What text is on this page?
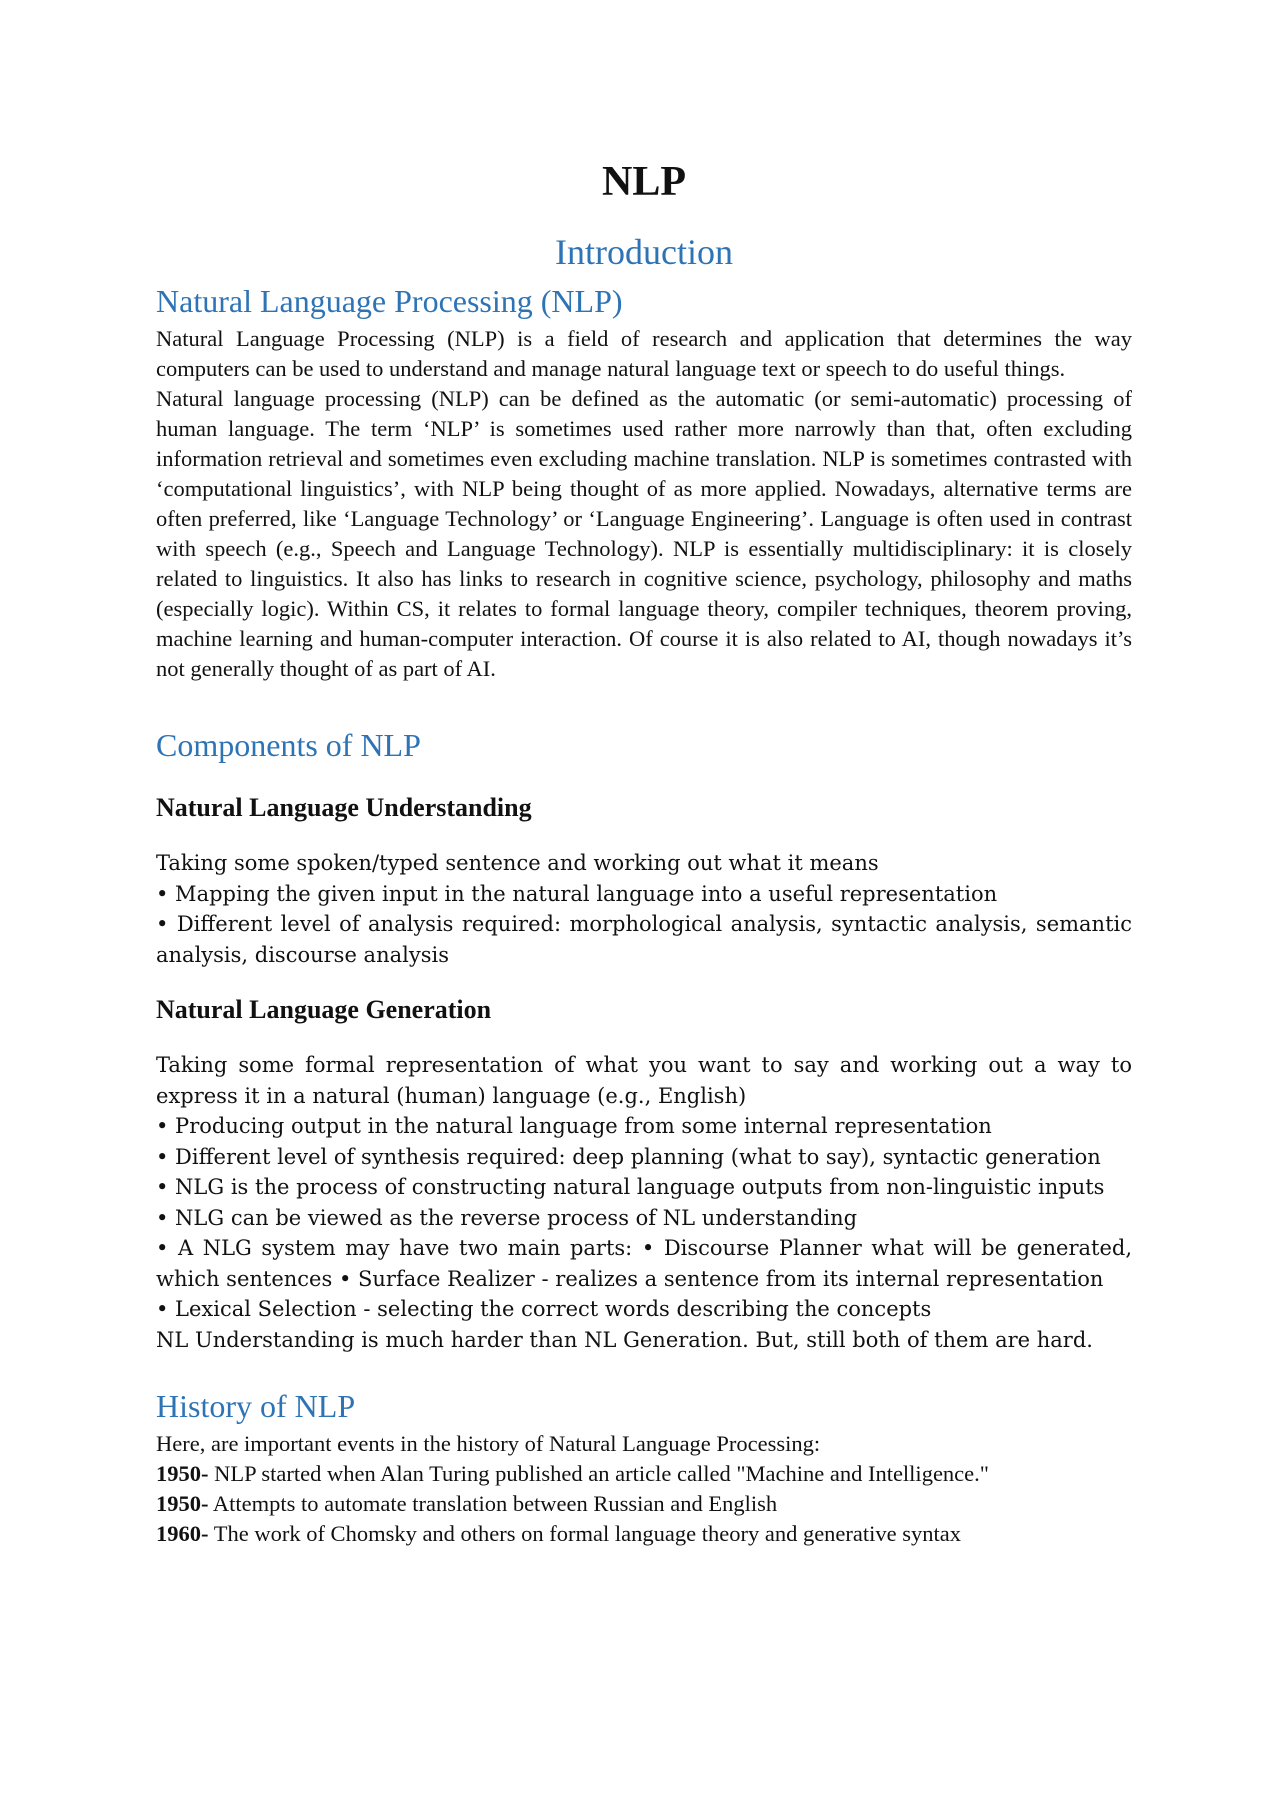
NLP
Introduction
Natural Language Processing (NLP)

Natural Language Processing (NLP) is a field of research and application that determines the way computers can be used to understand and manage natural language text or speech to do useful things.

Natural language processing (NLP) can be defined as the automatic (or semi-automatic) processing of human language. The term ‘NLP’ is sometimes used rather more narrowly than that, often excluding information retrieval and sometimes even excluding machine translation. NLP is sometimes contrasted with ‘computational linguistics’, with NLP being thought of as more applied. Nowadays, alternative terms are often preferred, like ‘Language Technology’ or ‘Language Engineering’. Language is often used in contrast with speech (e.g., Speech and Language Technology). NLP is essentially multidisciplinary: it is closely related to linguistics. It also has links to research in cognitive science, psychology, philosophy and maths (especially logic). Within CS, it relates to formal language theory, compiler techniques, theorem proving, machine learning and human-computer interaction. Of course it is also related to AI, though nowadays it’s not generally thought of as part of AI.

Components of NLP
Natural Language Understanding

Taking some spoken/typed sentence and working out what it means

• Mapping the given input in the natural language into a useful representation

• Different level of analysis required: morphological analysis, syntactic analysis, semantic analysis, discourse analysis

Natural Language Generation

Taking some formal representation of what you want to say and working out a way to express it in a natural (human) language (e.g., English)

• Producing output in the natural language from some internal representation

• Different level of synthesis required: deep planning (what to say), syntactic generation

• NLG is the process of constructing natural language outputs from non-linguistic inputs

• NLG can be viewed as the reverse process of NL understanding

• A NLG system may have two main parts: • Discourse Planner what will be generated, which sentences • Surface Realizer - realizes a sentence from its internal representation

• Lexical Selection - selecting the correct words describing the concepts

NL Understanding is much harder than NL Generation. But, still both of them are hard.

History of NLP

Here, are important events in the history of Natural Language Processing:

1950- NLP started when Alan Turing published an article called "Machine and Intelligence."

1950- Attempts to automate translation between Russian and English

1960- The work of Chomsky and others on formal language theory and generative syntax
